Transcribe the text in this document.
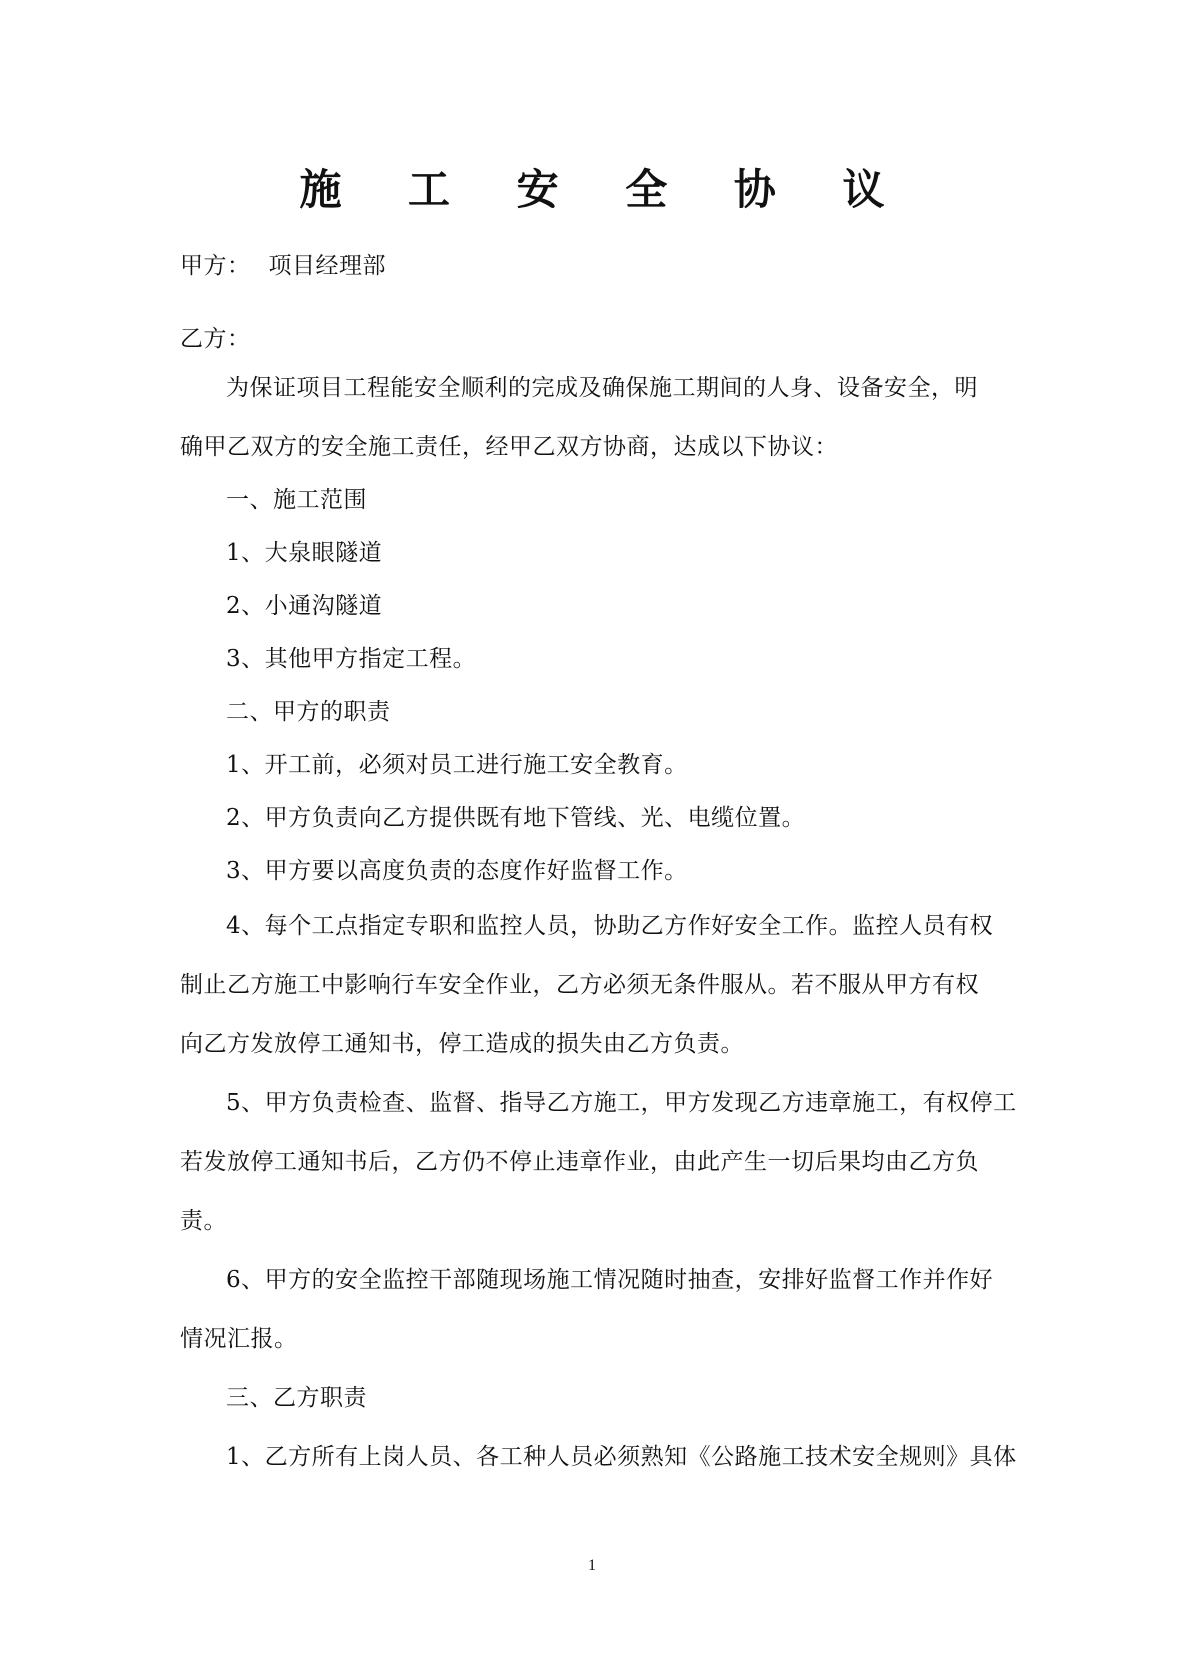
施 工 安 全 协 议
甲方： 项目经理部
乙方：
为保证项目工程能安全顺利的完成及确保施工期间的人身、设备安全，明
确甲乙双方的安全施工责任，经甲乙双方协商，达成以下协议：
一、施工范围
1、大泉眼隧道
2、小通沟隧道
3、其他甲方指定工程。
二、甲方的职责
1、开工前，必须对员工进行施工安全教育。
2、甲方负责向乙方提供既有地下管线、光、电缆位置。
3、甲方要以高度负责的态度作好监督工作。
4、每个工点指定专职和监控人员，协助乙方作好安全工作。监控人员有权
制止乙方施工中影响行车安全作业，乙方必须无条件服从。若不服从甲方有权
向乙方发放停工通知书，停工造成的损失由乙方负责。
5、甲方负责检查、监督、指导乙方施工，甲方发现乙方违章施工，有权停工
若发放停工通知书后，乙方仍不停止违章作业，由此产生一切后果均由乙方负
责。
6、甲方的安全监控干部随现场施工情况随时抽查，安排好监督工作并作好
情况汇报。
三、乙方职责
1、乙方所有上岗人员、各工种人员必须熟知《公路施工技术安全规则》具体
1
